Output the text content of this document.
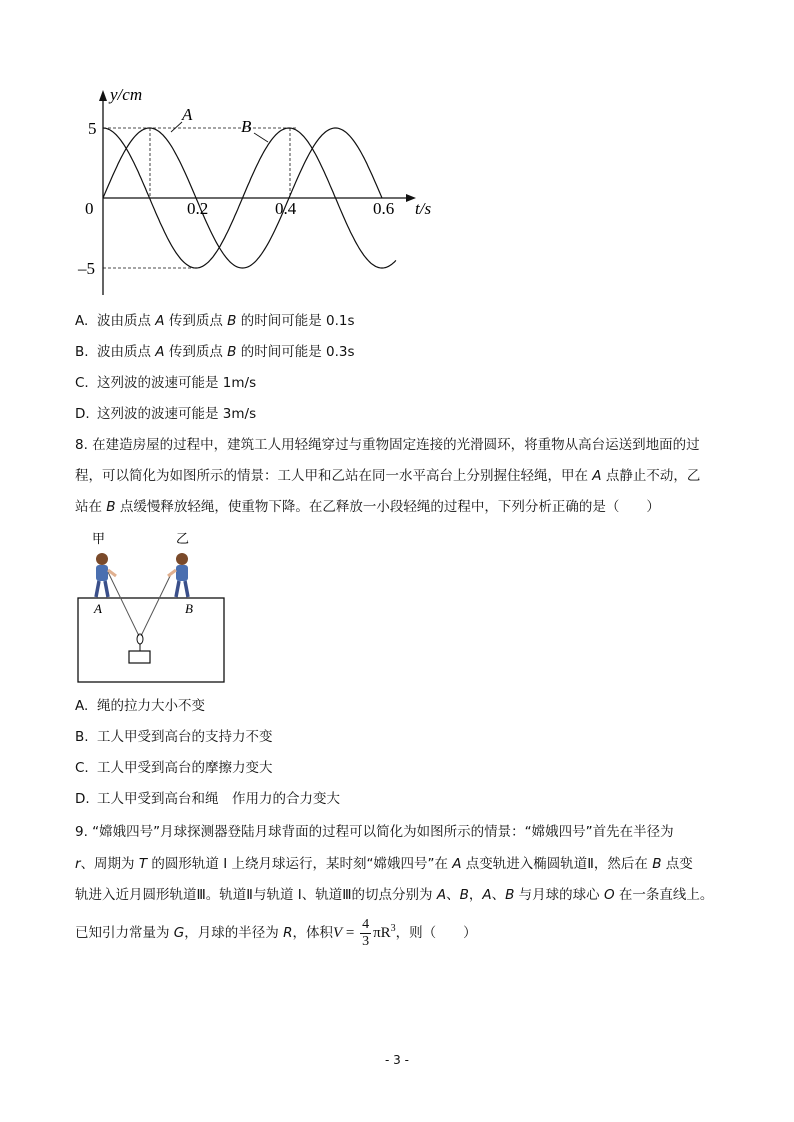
y/cm
t/s
0	0.2	0.4	0.6
5
–5
A
B
A. 波由质点 A 传到质点 B 的时间可能是 0.1s
B. 波由质点 A 传到质点 B 的时间可能是 0.3s
C. 这列波的波速可能是 1m/s
D. 这列波的波速可能是 3m/s
8. 在建造房屋的过程中，建筑工人用轻绳穿过与重物固定连接的光滑圆环，将重物从高台运送到地面的过
程，可以简化为如图所示的情景：工人甲和乙站在同一水平高台上分别握住轻绳，甲在 A 点静止不动，乙
站在 B 点缓慢释放轻绳，使重物下降。在乙释放一小段轻绳的过程中，下列分析正确的是（　　）
甲	乙
A	B
A. 绳的拉力大小不变
B. 工人甲受到高台的支持力不变
C. 工人甲受到高台的摩擦力变大
D. 工人甲受到高台和绳　作用力的合力变大
9. “嫦娥四号”月球探测器登陆月球背面的过程可以简化为如图所示的情景：“嫦娥四号”首先在半径为
r、周期为 T 的圆形轨道 I 上绕月球运行，某时刻“嫦娥四号”在 A 点变轨进入椭圆轨道Ⅱ，然后在 B 点变
轨进入近月圆形轨道Ⅲ。轨道Ⅱ与轨道 I、轨道Ⅲ的切点分别为 A、B，A、B 与月球的球心 O 在一条直线上。
已知引力常量为 G，月球的半径为 R，体积$V = \frac{4}{3} \pi R^3$，则（　　）
- 3 -
